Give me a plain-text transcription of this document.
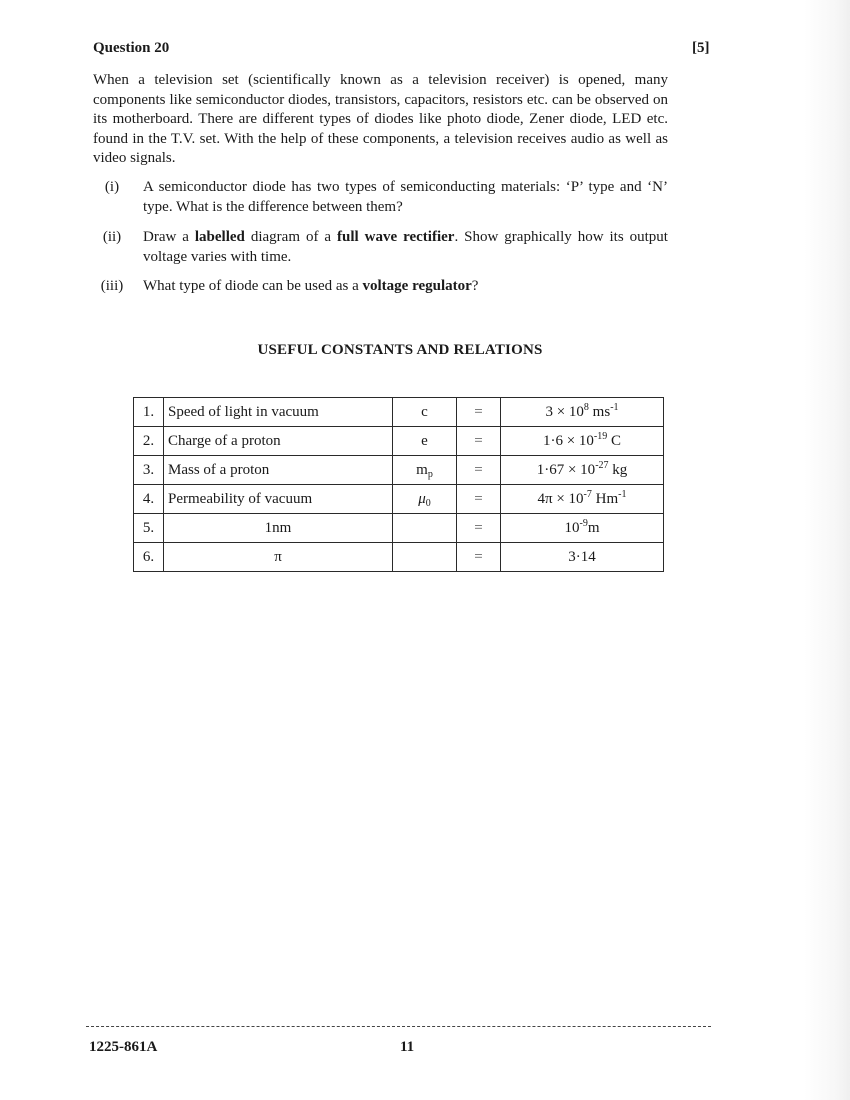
Question 20	[5]

When a television set (scientifically known as a television receiver) is opened, many components like semiconductor diodes, transistors, capacitors, resistors etc. can be observed on its motherboard. There are different types of diodes like photo diode, Zener diode, LED etc. found in the T.V. set. With the help of these components, a television receives audio as well as video signals.

(i)	A semiconductor diode has two types of semiconducting materials: ‘P’ type and ‘N’ type. What is the difference between them?
(ii)	Draw a labelled diagram of a full wave rectifier. Show graphically how its output voltage varies with time.
(iii)	What type of diode can be used as a voltage regulator?
USEFUL CONSTANTS AND RELATIONS
1.	Speed of light in vacuum	c	=	$3 \times 10^8$ $ms^{-1}$
2.	Charge of a proton	e	=	$1\cdot 6 \times 10^{-19}$ C
3.	Mass of a proton	$m_p$	=	$1\cdot 67 \times 10^{-27}$ kg
4.	Permeability of vacuum	$\mu_0$	=	$4\pi \times 10^{-7}$ $Hm^{-1}$
5.	1nm		=	$10^{-9}m$
6.	π		=	3·14
1225-861A	11
